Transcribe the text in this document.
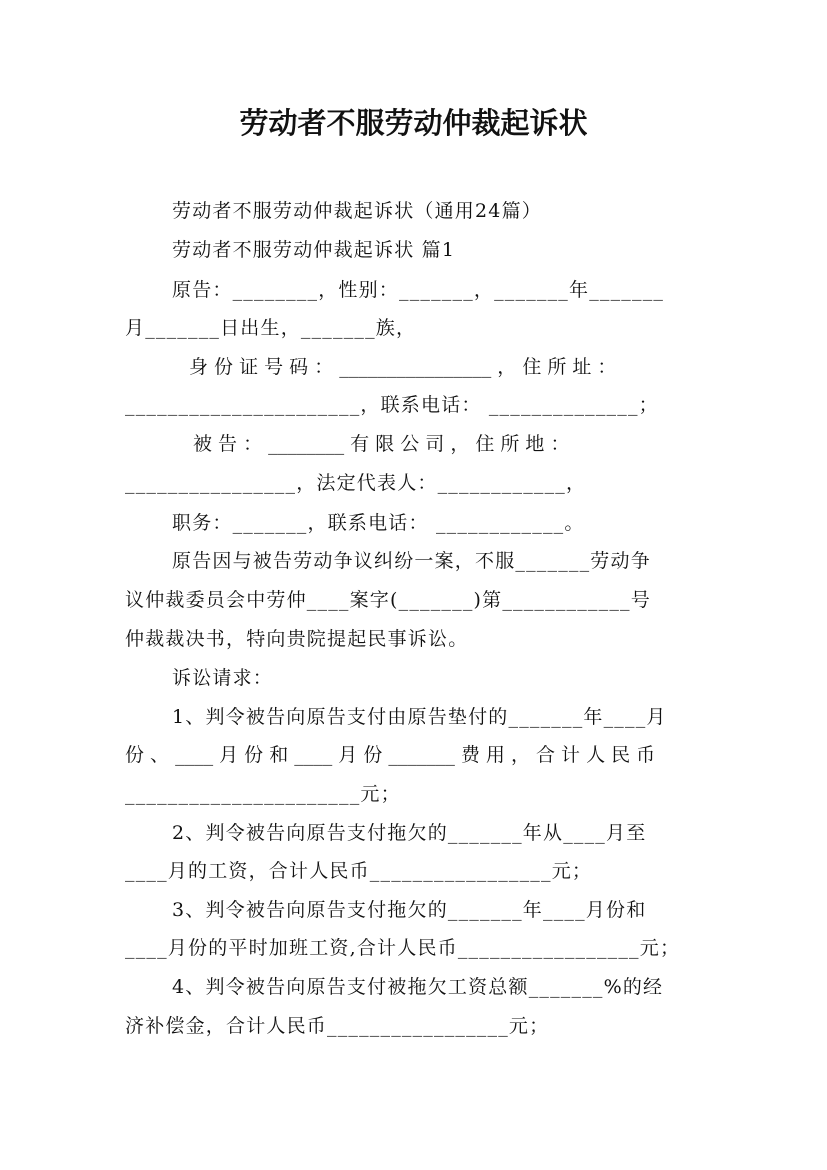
劳动者不服劳动仲裁起诉状
劳动者不服劳动仲裁起诉状（通用24篇）
劳动者不服劳动仲裁起诉状 篇1
原告：________，性别：_______，_______年_______
月_______日出生，_______族，
身 份 证 号 码 ： ________________ ， 住 所 址 ：
______________________，联系电话： ______________；
被 告 ： ________ 有 限 公 司 ， 住 所 地 ：
________________，法定代表人：____________，
职务：_______，联系电话： ____________。
原告因与被告劳动争议纠纷一案，不服_______劳动争
议仲裁委员会中劳仲____案字(_______)第____________号
仲裁裁决书，特向贵院提起民事诉讼。
诉讼请求：
1、判令被告向原告支付由原告垫付的_______年____月
份 、 ____ 月 份 和 ____ 月 份 _______ 费 用 ， 合 计 人 民 币
______________________元；
2、判令被告向原告支付拖欠的_______年从____月至
____月的工资，合计人民币_________________元；
3、判令被告向原告支付拖欠的_______年____月份和
____月份的平时加班工资,合计人民币_________________元；
4、判令被告向原告支付被拖欠工资总额_______%的经
济补偿金，合计人民币_________________元；
